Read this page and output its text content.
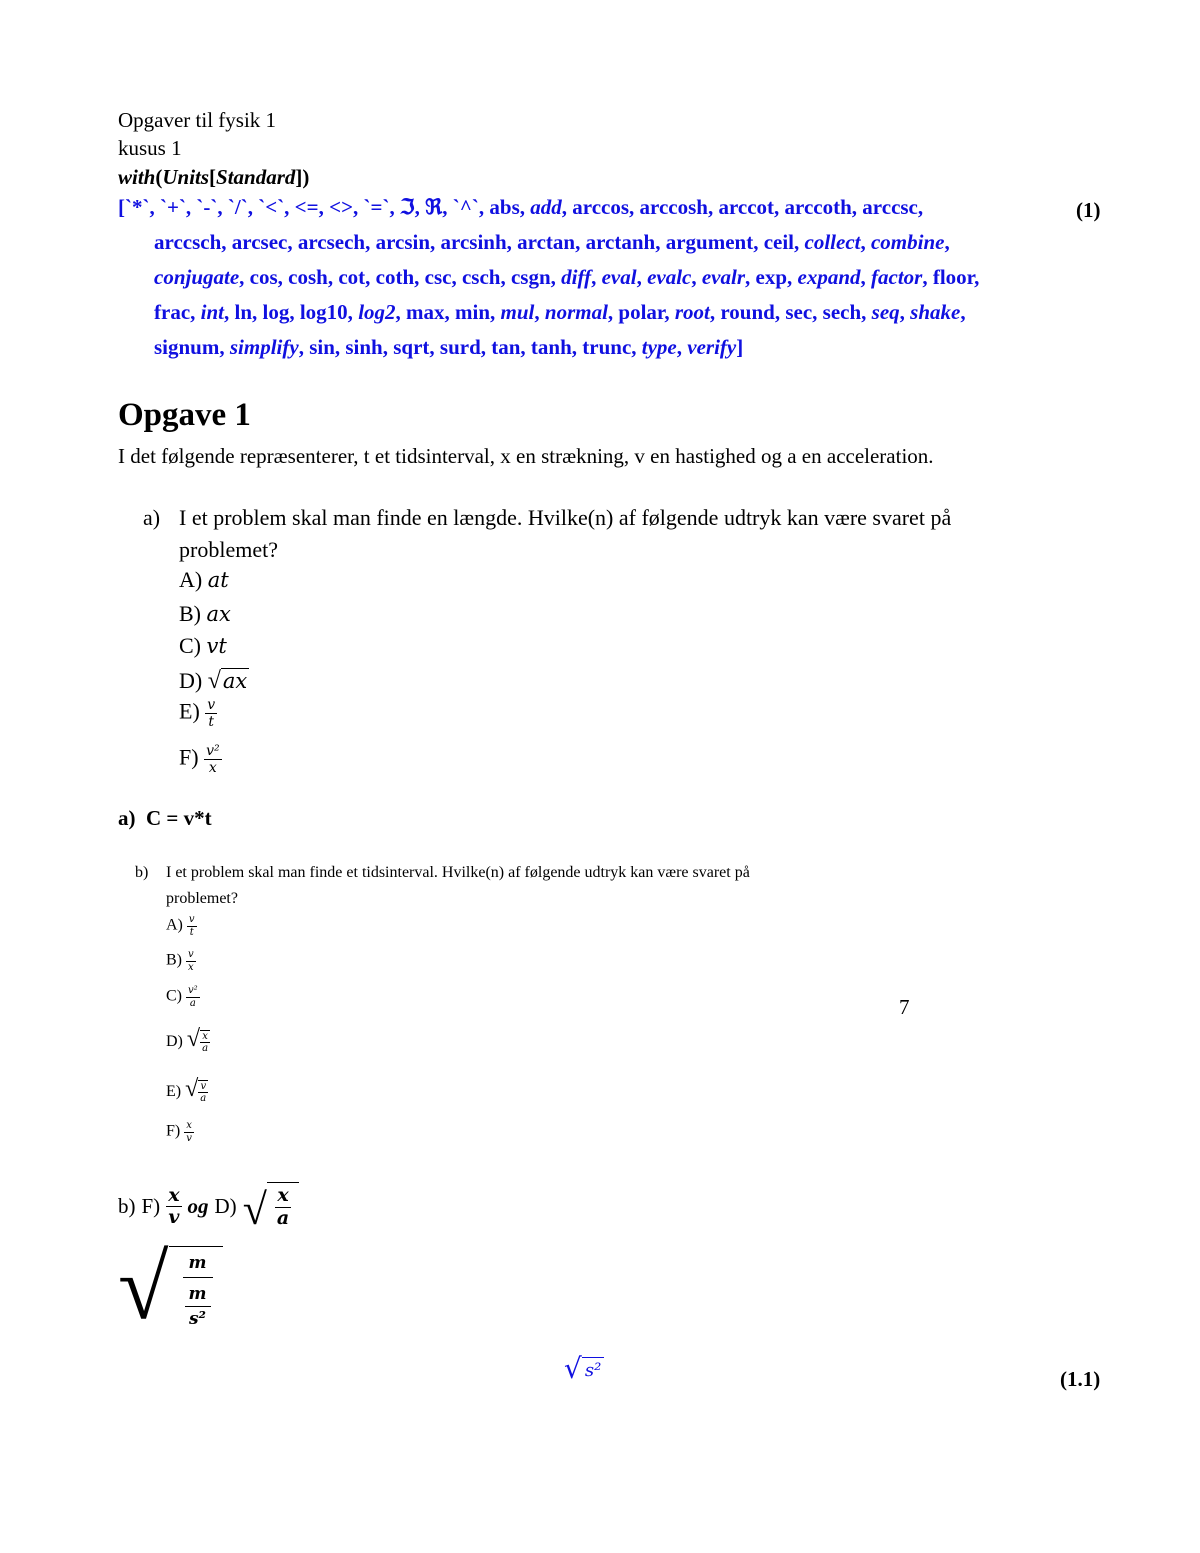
Opgaver til fysik 1
kusus 1
with(Units[Standard])
[`*`, `+`, `-`, `/`, `<`, <=, <>, `=`, ℑ, ℜ, `^`, abs, add, arccos, arccosh, arccot, arccoth, arccsc,
arccsch, arcsec, arcsech, arcsin, arcsinh, arctan, arctanh, argument, ceil, collect, combine,
conjugate, cos, cosh, cot, coth, csc, csch, csgn, diff, eval, evalc, evalr, exp, expand, factor, floor,
frac, int, ln, log, log10, log2, max, min, mul, normal, polar, root, round, sec, sech, seq, shake,
signum, simplify, sin, sinh, sqrt, surd, tan, tanh, trunc, type, verify]
(1)
Opgave 1
I det følgende repræsenterer, t et tidsinterval, x en strækning, v en hastighed og a en acceleration.
a) I et problem skal man finde en længde. Hvilke(n) af følgende udtryk kan være svaret på
problemet?
A) at
B) ax
C) vt
D) √ax
$E) \frac{v}{t}$
$F) \frac{\text{v²}}{x}$
a) C = v*t
b) I et problem skal man finde et tidsinterval. Hvilke(n) af følgende udtryk kan være svaret på
problemet?
$A) \frac{v}{t}$
$B) \frac{v}{x}$
$C) \frac{\text{v²}}{a}$
D) √ $\frac{x}{a}$
E) √ $\frac{v}{a}$
$F) \frac{x}{v}$
7
b) $F) \frac{x}{v}$ og D) √ $\frac{x}{a}$
√	m
m
s²
√ s²	(1.1)
